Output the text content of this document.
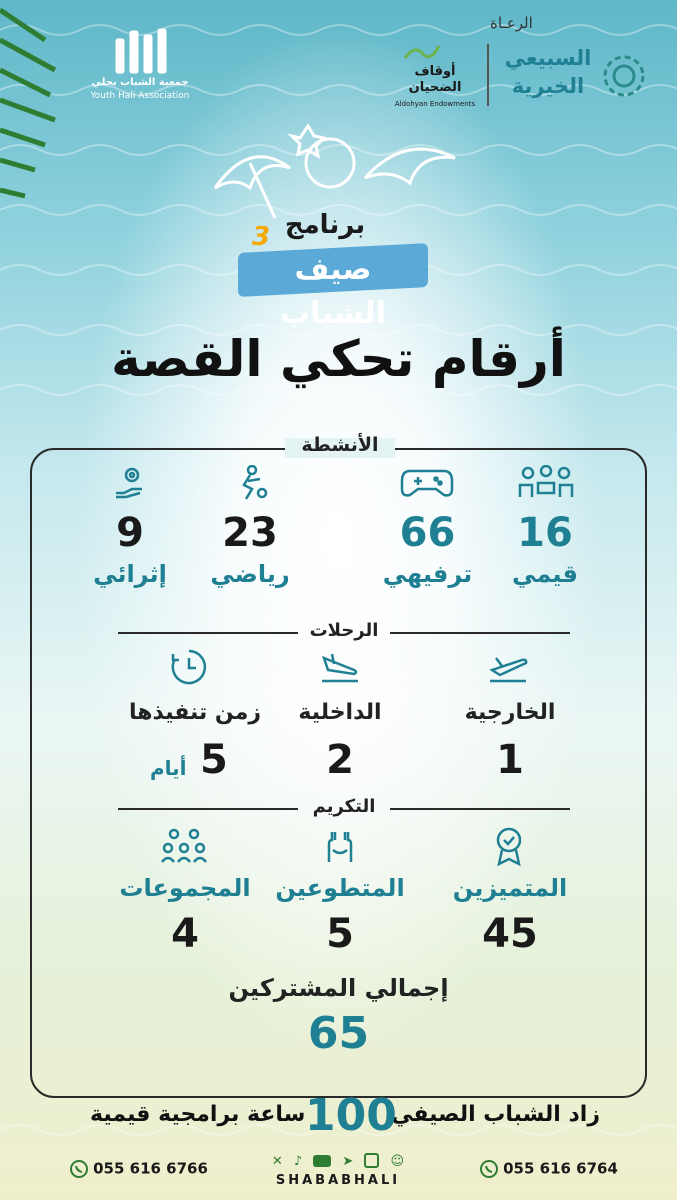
الرعـاة
السبيعي
الخيرية
أوقاف
الضحيان
Aldohyan Endowments
جمعية الشباب بحلي
Youth Hali Association
برنامج
صيف الشباب
3
أرقام تحكي القصة
الأنشطة
16
قيمي
66
ترفيهي
23
رياضي
9
إثرائي
الرحلات
الخارجية
1
الداخلية
2
زمن تنفيذها
5
أيام
التكريم
المتميزين
45
المتطوعين
5
المجموعات
4
إجمالي المشتركين
65
زاد الشباب الصيفي
100
ساعة برامجية قيمية
055 616 6766	✕ ♪	➤	☺
SHABABHALI
055 616 6764
